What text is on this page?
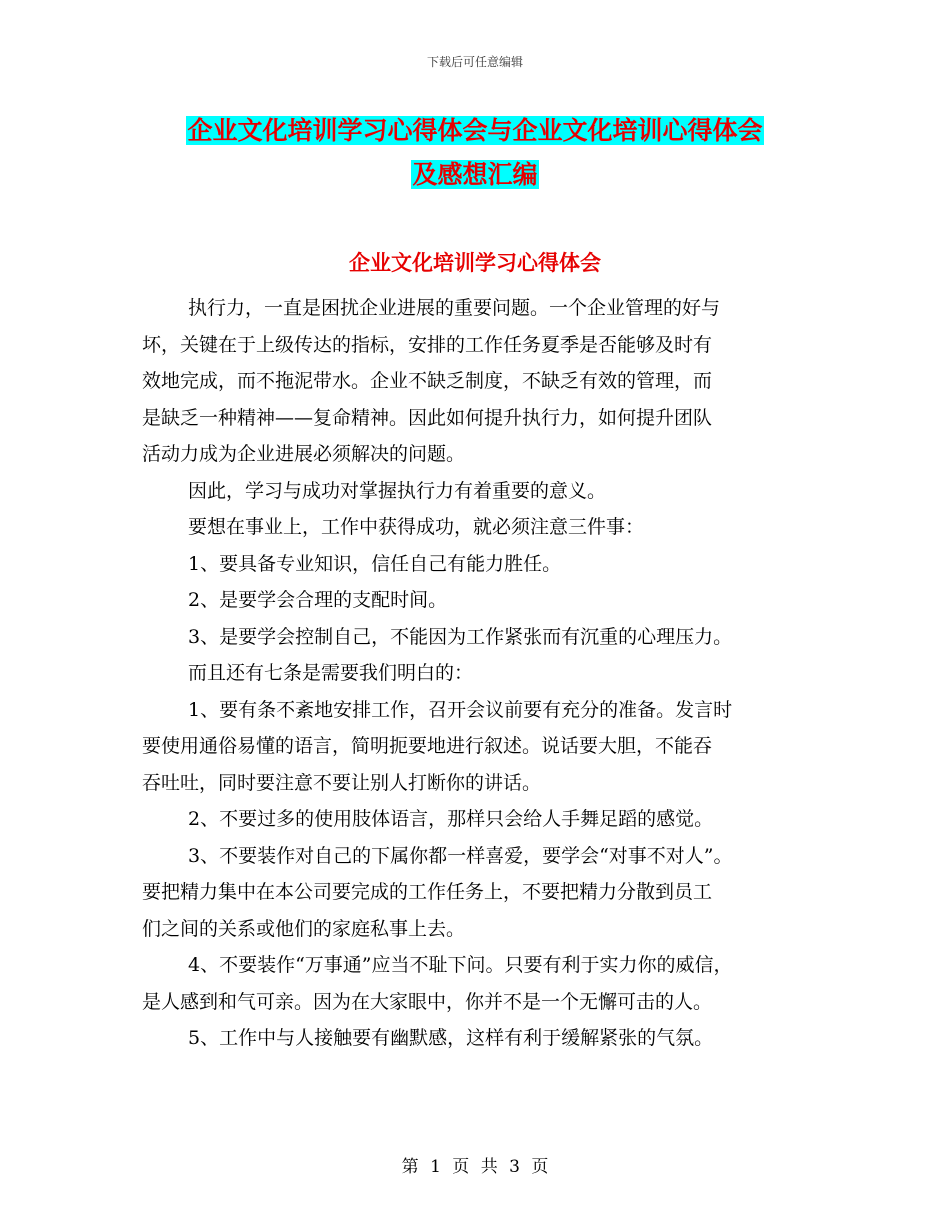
下载后可任意编辑
企业文化培训学习心得体会与企业文化培训心得体会
及感想汇编
企业文化培训学习心得体会
执行力，一直是困扰企业进展的重要问题。一个企业管理的好与
坏，关键在于上级传达的指标，安排的工作任务夏季是否能够及时有
效地完成，而不拖泥带水。企业不缺乏制度，不缺乏有效的管理，而
是缺乏一种精神——复命精神。因此如何提升执行力，如何提升团队
活动力成为企业进展必须解决的问题。
因此，学习与成功对掌握执行力有着重要的意义。
要想在事业上，工作中获得成功，就必须注意三件事：
1、要具备专业知识，信任自己有能力胜任。
2、是要学会合理的支配时间。
3、是要学会控制自己，不能因为工作紧张而有沉重的心理压力。
而且还有七条是需要我们明白的：
1、要有条不紊地安排工作，召开会议前要有充分的准备。发言时
要使用通俗易懂的语言，简明扼要地进行叙述。说话要大胆，不能吞
吞吐吐，同时要注意不要让别人打断你的讲话。
2、不要过多的使用肢体语言，那样只会给人手舞足蹈的感觉。
3、不要装作对自己的下属你都一样喜爱，要学会“对事不对人”。
要把精力集中在本公司要完成的工作任务上，不要把精力分散到员工
们之间的关系或他们的家庭私事上去。
4、不要装作“万事通”应当不耻下问。只要有利于实力你的威信，
是人感到和气可亲。因为在大家眼中，你并不是一个无懈可击的人。
5、工作中与人接触要有幽默感，这样有利于缓解紧张的气氛。
第 1 页 共 3 页
